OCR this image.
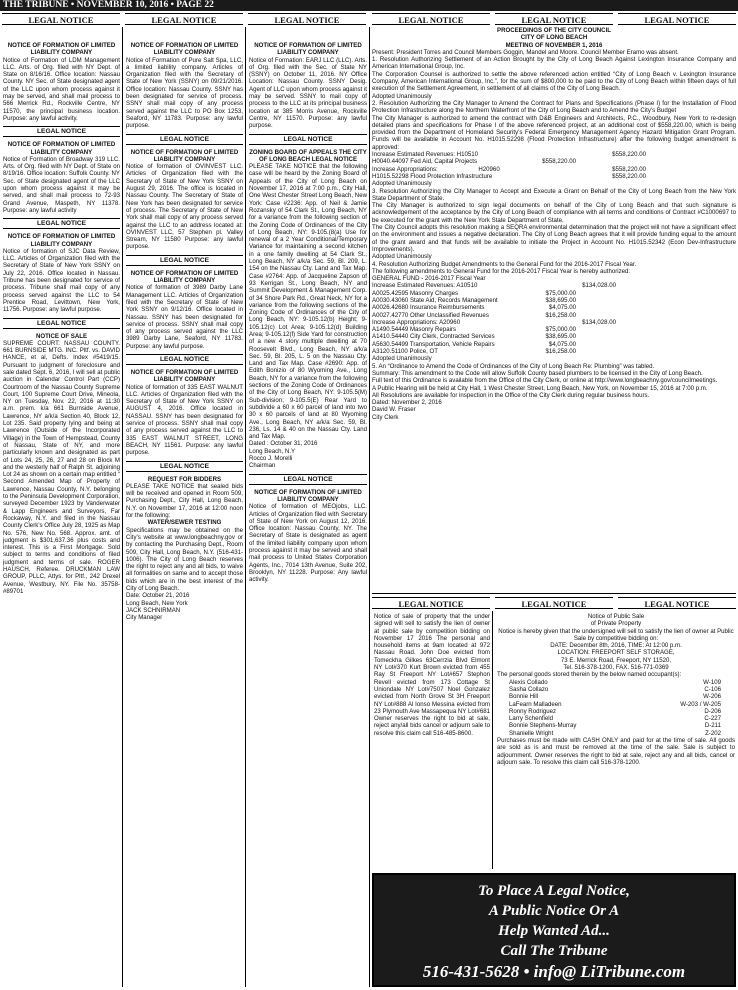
THE TRIBUNE • NOVEMBER 10, 2016 • PAGE 22
LEGAL NOTICE	LEGAL NOTICE	LEGAL NOTICE	LEGAL NOTICE	LEGAL NOTICE	LEGAL NOTICE
NOTICE OF FORMATION OF LIMITED LIABILITY COMPANY
Notice of Formation of LDM Management LLC. Arts. of Org. filed with NY Dept. of State on 8/16/16. Office location: Nassau County. NY Sec. of State designated agent of the LLC upon whom process against it may be served, and shall mail process to 566 Merrick Rd., Rockville Centre, NY 11570, the principal business location. Purpose: any lawful activity.
LEGAL NOTICE
NOTICE OF FORMATION OF LIMITED LIABILITY COMPANY
Notice of Formation of Broadway 319 LLC. Arts. of Org. filed with NY Dept. of State on 8/19/16. Office location: Suffolk County. NY Sec. of State designated agent of the LLC upon whom process against it may be served, and shall mail process to 72-93 Grand Avenue, Maspeth, NY 11378. Purpose: any lawful activity
LEGAL NOTICE
NOTICE OF FORMATION OF LIMITED LIABILITY COMPANY
Notice of formation of SJC Data Review, LLC. Articles of Organization filed with the Secretary of State of New York SSNY on July 22, 2016. Office located in Nassau. Tribune has been designated for service of process. Tribune shall mail copy of any process served against the LLC to 54 Prentice Road, Levittown, New York, 11756. Purpose: any lawful purpose.
LEGAL NOTICE
NOTICE OF SALE
SUPREME COURT: NASSAU COUNTY. 661 BURNSIDE MTG. INC. Pltf. vs. DAVID HANCE, et al, Defts. Index #5419/15. Pursuant to judgment of foreclosure and sale dated Sept. 6, 2016, I will sell at public auction in Calendar Control Part (CCP) Courtroom of the Nassau County Supreme Court, 100 Supreme Court Drive, Mineola, NY on Tuesday, Nov. 22, 2016 at 11:30 a.m. prem. k/a 661 Burnside Avenue, Lawrence, NY a/k/a Section 40, Block 12, Lot 235. Said property lying and being at Lawrence (Outside of the Incorporated Village) in the Town of Hempstead, County of Nassau, State of NY, and more particularly known and designated as part of Lots 24, 25, 26, 27 and 28 on Block M and the westerly half of Ralph St. adjoining Lot 24 as shown on a certain map entitled “ Second Amended Map of Property of Lawrence, Nassau County, N.Y. belonging to the Peninsula Development Corporation, surveyed December 1923 by Vanderwater & Lapp Engineers and Surveyors, Far Rockaway, N.Y. and filed in the Nassau County Clerk’s Office July 28, 1925 as Map No. 576, New No. 568. Approx. amt. of judgment is $301,637.36 plus costs and interest. This is a First Mortgage. Sold subject to terms and conditions of filed judgment and terms of sale. ROGER HAUSCH, Referee. DRUCKMAN LAW GROUP, PLLC, Attys. for Pltf., 242 Drexel Avenue, Westbury, NY. File No. 35758- #89701
NOTICE OF FORMATION OF LIMITED LIABILITY COMPANY
Notice of Formation of Pure Salt Spa, LLC, a limited liability company. Articles of Organization filed with the Secretary of State of New York (SSNY) on 09/21/2016. Office location: Nassau County. SSNY has been designated for service of process. SSNY shall mail copy of any process served against the LLC to PO Box 1253, Seaford, NY 11783. Purpose: any lawful purpose.
LEGAL NOTICE
NOTICE OF FORMATION OF LIMITED LIABILITY COMPANY
Notice of formation of OVINVEST LLC. Articles of Organization filed with the Secretary of State of New York SSNY on August 29, 2016. The office is located in Nassau County. The Secretary of State of New York has been designated for service of process. The Secretary of State of New York shall mail copy of any process served against the LLC to an address located at: OVINVEST LLC, 57 Stephen pl. Valley Stream, NY 11580 Purpose: any lawful purpose.
LEGAL NOTICE
NOTICE OF FORMATION OF LIMITED LIABILITY COMPANY
Notice of formation of 3989 Darby Lane Management LLC. Articles of Organization filed with the Secretary of State of New York SSNY on 9/12/16. Office located in Nassau. SSNY has been designated for service of process. SSNY shall mail copy of any process served against the LLC 3989 Darby Lane, Seaford, NY 11783. Purpose: any lawful purpose.
LEGAL NOTICE
NOTICE OF FORMATION OF LIMITED LIABILITY COMPANY
Notice of formation of 335 EAST WALNUT LLC. Articles of Organization filed with the Secretary of State of New York SSNY on AUGUST 4, 2016. Office located in NASSAU. SSNY has been designated for service of process. SSNY shall mail copy of any process served against the LLC to 335 EAST WALNUT STREET, LONG BEACH, NY 11561. Purpose: any lawful purpose.
LEGAL NOTICE
REQUEST FOR BIDDERS
PLEASE TAKE NOTICE that sealed bids will be received and opened in Room 509, Purchasing Dept., City Hall, Long Beach, N.Y. on November 17, 2016 at 12:00 noon for the following:
WATER/SEWER TESTING
Specifications may be obtained on the City’s website at www.longbeachny.gov or by contacting the Purchasing Dept., Room 509, City Hall, Long Beach, N.Y. (516-431-1006). The City of Long Beach reserves the right to reject any and all bids, to waive all formalities on same and to accept those bids which are in the best interest of the City of Long Beach.
Date: October 21, 2016
Long Beach, New York
JACK SCHNIRMAN
City Manager
NOTICE OF FORMATION OF LIMITED LIABILITY COMPANY
Notice of Formation: EARJ LLC (LLC). Arts. of Org. filed with the Sec. of State NY (SSNY) on October 11, 2016. NY Office Location: Nassau County. SSNY Desig. Agent of LLC upon whom process against it may be served. SSNY to mail copy of process to the LLC at its principal business location at 385 Morris Avenue, Rockville Centre, NY 11570. Purpose: any lawful purpose.
LEGAL NOTICE
ZONING BOARD OF APPEALS THE CITY OF LONG BEACH LEGAL NOTICE
PLEASE TAKE NOTICE that the following case will be heard by the Zoning Board of Appeals of the City of Long Beach on November 17, 2016 at 7:00 p.m., City Hall, One West Chester Street Long Beach, New York: Case #2236: App. of Neil & Jamie Rozansky of 54 Clark St., Long Beach, NY for a variance from the following section of the Zoning Code of Ordinances of the City of Long Beach, NY: 9-105.(8(a) Use for renewal of a 2 Year Conditional/Temporary Variance for maintaining a second kitchen in a one family dwelling at 54 Clark St., Long Beach, NY a/k/a Sec. 59, Bl. 209, L. 154 on the Nassau Cty. Land and Tax Map. Case #2764: App. of Jacqueline Zapson of 93 Kerrigan St., Long Beach, NY and Summit Development & Management Corp. of 34 Shore Park Rd., Great Neck, NY for a variance from the following sections of the Zoning Code of Ordinances of the City of Long Beach, NY: 9-105.12(b) Height; 9-105.12(c) Lot Area; 9-105.12(d) Building Area; 9-105.12(f) Side Yard for construction of a new 4 story multiple dwelling at 70 Roosevelt Blvd., Long Beach, NY a/k/a Sec. 59, Bl. 205, L. 5 on the Nassau Cty. Land and Tax Map. Case #2690: App. of Edith Bonizio of 80 Wyoming Ave., Long Beach, NY for a variance from the following sections of the Zoning Code of Ordinances of the City of Long Beach, NY: 9-105.5(M) Sub-division; 9-105.5(E) Rear Yard to subdivide a 60 x 60 parcel of land into two 30 x 60 parcels of land at 80 Wyoming Ave., Long Beach, NY a/k/a Sec. 59, Bl. 236, Ls. 14 & 40 on the Nassau Cty. Land and Tax Map.
Dated : October 31, 2016
Long Beach, N.Y
Rocco J. Morelli
Chairman
LEGAL NOTICE
NOTICE OF FORMATION OF LIMITED LIABILITY COMPANY
Notice of formation of MEOjobs, LLC. Articles of Organization filed with Secretary of State of New York on August 12, 2016. Office location: Nassau County, NY. The Secretary of State is designated as agent of the limited liability company upon whom process against it may be served and shall mail process to United States Corporation Agents, Inc., 7014 13th Avenue, Suite 202, Brooklyn, NY 11228. Purpose: Any lawful activity.

PROCEEDINGS OF THE CITY COUNCIL

CITY OF LONG BEACH

MEETING OF NOVEMBER 1, 2016

Present: President Torres and Council Members Goggin, Mandel and Moore. Council Member Eramo was absent.

1. Resolution Authorizing Settlement of an Action Brought by the City of Long Beach Against Lexington Insurance Company and American International Group, Inc.

The Corporation Counsel is authorized to settle the above referenced action entitled “City of Long Beach v. Lexington Insurance Company, American International Group, Inc.”, for the sum of $800,000 to be paid to the City of Long Beach within fifteen days of full execution of the Settlement Agreement, in settlement of all claims of the City of Long Beach.

Adopted Unanimously

2. Resolution Authorizing the City Manager to Amend the Contract for Plans and Specifications (Phase I) for the Installation of Flood Protection Infrastructure along the Northern Waterfront of the City of Long Beach and to Amend the City’s Budget

The City Manager is authorized to amend the contract with D&B Engineers and Architects, P.C., Woodbury, New York to re-design detailed plans and specifications for Phase I of the above referenced project, at an additional cost of $558,220.00, which is being provided from the Department of Homeland Security’s Federal Emergency Management Agency Hazard Mitigation Grant Program. Funds will be available in Account No. H1015.52298 (Flood Protection Infrastructure) after the following budget amendment is approved:

Increase Estimated Revenues: H10510	$558,220.00
H0040.44097 Fed Aid, Capital Projects	$558,220.00
Increase Appropriations:	H20960	$558,220.00
H1015.52298 Flood Protection Infrastructure	$558,220.00

Adopted Unanimously

3. Resolution Authorizing the City Manager to Accept and Execute a Grant on Behalf of the City of Long Beach from the New York State Department of State.

The City Manager is authorized to sign legal documents on behalf of the City of Long Beach and that such signature is acknowledgement of the acceptance by the City of Long Beach of compliance with all terms and conditions of Contract #C1000697 to be executed for the grant with the New York State Department of State.

The City Council adopts this resolution making a SEQRA environmental determination that the project will not have a significant effect on the environment and issues a negative declaration. The City of Long Beach agrees that it will provide funding equal to the amount of the grant award and that funds will be available to initiate the Project in Account No. H1015.52342 (Econ Dev-Infrastructure Improvements).

Adopted Unanimously

4. Resolution Authorizing Budget Amendments to the General Fund for the 2016-2017 Fiscal Year.

The following amendments to General Fund for the 2016-2017 Fiscal Year is hereby authorized:

GENERAL FUND - 2016-2017 Fiscal Year

Increase Estimated Revenues: A10510	$134,028.00
A0025.42595 Masonry Charges	$75,000.00
A0030.43060 State Aid, Records Management	$38,695.00
A0026.42680 Insurance Reimbursements	$4,075.00
A0027.42770 Other Unclassified Revenues	$16,258.00
Increase Appropriations: A20960	$134,028.00
A1490.54449 Masonry Repairs	$75,000.00
A1410.54440 City Clerk, Contracted Services	$38,695.00
A5630.54499 Transportation, Vehicle Repairs	$4,075.00
A3120.51100 Police, OT	$16,258.00

Adopted Unanimously

5. An “Ordinance to Amend the Code of Ordinances of the City of Long Beach Re: Plumbing” was tabled.

Summary: This amendment to the Code will allow Suffolk County based plumbers to be licensed in the City of Long Beach.

Full text of this Ordinance is available from the Office of the City Clerk, or online at http://www.longbeachny.gov/councilmeetings.

A Public Hearing will be held at City Hall, 1 West Chester Street, Long Beach, New York, on November 15, 2016 at 7:00 p.m.

All Resolutions are available for inspection in the Office of the City Clerk during regular business hours.

Dated: November 2, 2016

David W. Fraser

City Clerk

LEGAL NOTICE	LEGAL NOTICE	LEGAL NOTICE
Notice of sale of property that the under signed will sell to satisfy the lien of owner at public sale by competition bidding on November 17 2016 The personal and household items at 9am located at 972 Nassau Road. John Doe evicted from Tomeckha Gilkes 63Cerrzia Blvd Elmont NY Lot#370 Kurt Brown evicted from 455 Ray St Freeport NY Lot#657 Stephon Revell evicted from 173 Cottage St Uniondale NY Lot#7507 Noel Gonzalez evicted from North Grove St 3H Freeport NY Lot#888 Al Ionso Messina evicted from 23 Plymouth Ave Massapequa NY Lot#681 Owner reserves the right to bid at sale, reject any/all bids cancel or adjourn sale to resolve this claim call 516-485-8600.
Notice of Public Sale
of Private Property
Notice is hereby given that the undersigned will sell to satisfy the lien of owner at Public Sale by competitive bidding on:
DATE: December 8th, 2016, TIME: At 12:00 p.m.
LOCATION: FREEPORT SELF STORAGE,
73 E. Merrick Road, Freeport, NY 11520,
Tel. 516-378-1200, FAX. 516-771-0369
The personal goods stored therein by the below named occupant(s):
Alexis Collado	W-109
Sasha Collazo	C-106
Bonnie Hill	W-206
LaFearn Malladeen	W-203 / W-205
Ronny Rodriguez	D-206
Larry Schenfield	C-227
Bonnie Stephens-Murray	D-211
Shanielle Wright	Z-202
Purchases must be made with CASH ONLY and paid for at the time of sale. All goods are sold as is and must be removed at the time of the sale. Sale is subject to adjournment. Owner reserves the right to bid at sale, reject any and all bids, cancel or adjourn sale. To resolve this claim call 516-378-1200.
To Place A Legal Notice,
A Public Notice Or A
Help Wanted Ad...
Call The Tribune
516-431-5628 • info@ LiTribune.com
